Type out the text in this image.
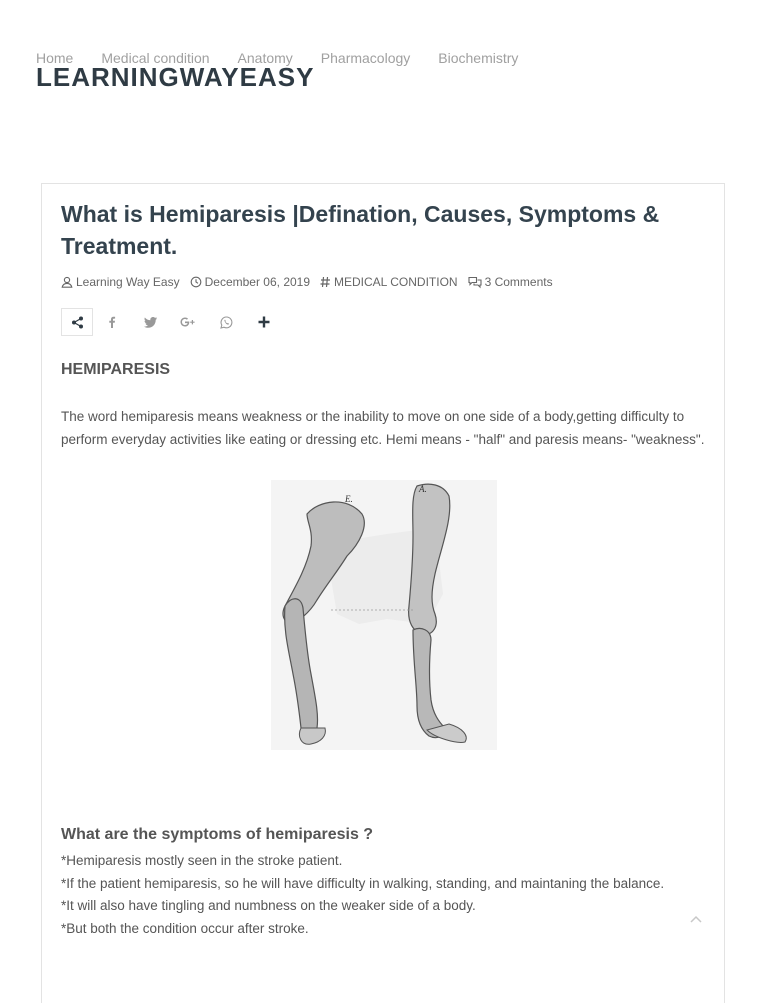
Home Medical condition Anatomy Pharmacology Biochemistry
LEARNINGWAYEASY
What is Hemiparesis |Defination, Causes, Symptoms & Treatment.
Learning Way Easy December 06, 2019 MEDICAL CONDITION 3 Comments
HEMIPARESIS

The word hemiparesis means weakness or the inability to move on one side of a body,getting difficulty to perform everyday activities like eating or dressing etc. Hemi means - "half" and paresis means- "weakness".

E.
A.
What are the symptoms of hemiparesis ?
*Hemiparesis mostly seen in the stroke patient.
*If the patient hemiparesis, so he will have difficulty in walking, standing, and maintaning the balance.
*It will also have tingling and numbness on the weaker side of a body.
*But both the condition occur after stroke.
